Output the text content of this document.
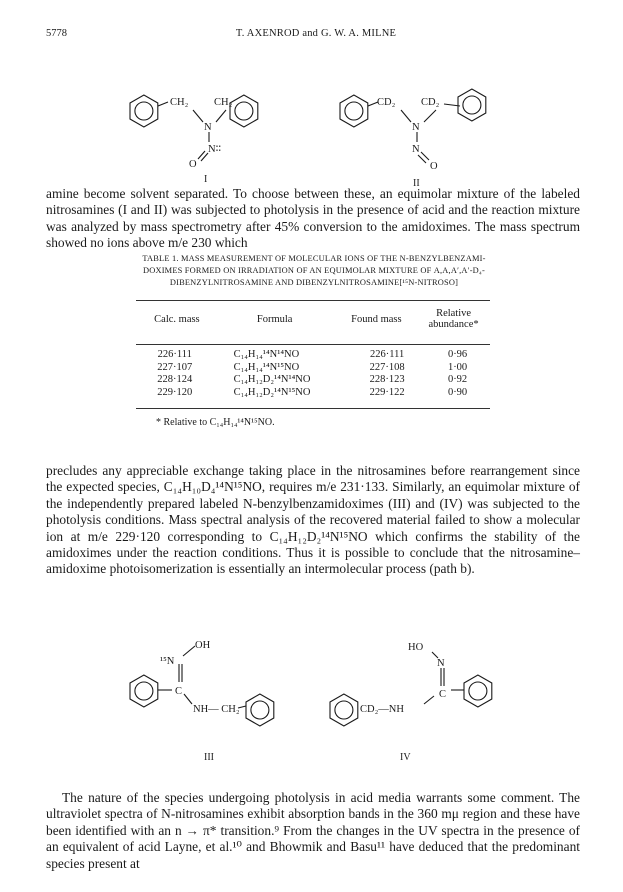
5778	T. AXENROD and G. W. A. MILNE
CH₂ CH₂
N
N∶∶
O
I
CD₂ CD₂
N
N
O
II

amine become solvent separated. To choose between these, an equimolar mixture of the labeled nitrosamines (I and II) was subjected to photolysis in the presence of acid and the reaction mixture was analyzed by mass spectrometry after 45% conversion to the amidoximes. The mass spectrum showed no ions above m/e 230 which

TABLE 1. MASS MEASUREMENT OF MOLECULAR IONS OF THE N-BENZYLBENZAMI-
DOXIMES FORMED ON IRRADIATION OF AN EQUIMOLAR MIXTURE OF Α,Α,Α′,Α′-D₄-
DIBENZYLNITROSAMINE AND DIBENZYLNITROSAMINE[¹⁵N-NITROSO]
Calc. mass	Formula	Found mass	Relative
abundance*
226·111	C₁₄H₁₄¹⁴N¹⁴NO	226·111	0·96
227·107	C₁₄H₁₄¹⁴N¹⁵NO	227·108	1·00
228·124	C₁₄H₁₂D₂¹⁴N¹⁴NO	228·123	0·92
229·120	C₁₄H₁₂D₂¹⁴N¹⁵NO	229·122	0·90
* Relative to C₁₄H₁₄¹⁴N¹⁵NO.

precludes any appreciable exchange taking place in the nitrosamines before rearrangement since the expected species, C₁₄H₁₀D₄¹⁴N¹⁵NO, requires m/e 231·133. Similarly, an equimolar mixture of the independently prepared labeled N-benzylbenzamidoximes (III) and (IV) was subjected to the photolysis conditions. Mass spectral analysis of the recovered material failed to show a molecular ion at m/e 229·120 corresponding to C₁₄H₁₂D₂¹⁴N¹⁵NO which confirms the stability of the amidoximes under the reaction conditions. Thus it is possible to conclude that the nitrosamine–amidoxime photoisomerization is essentially an intermolecular process (path b).

¹⁵N
OH
C
NH— CH₂
III
HO
N
C
CD₂—NH
IV

The nature of the species undergoing photolysis in acid media warrants some comment. The ultraviolet spectra of N-nitrosamines exhibit absorption bands in the 360 mμ region and these have been identified with an n → π* transition.⁹ From the changes in the UV spectra in the presence of an equivalent of acid Layne, et al.¹⁰ and Bhowmik and Basu¹¹ have deduced that the predominant species present at
